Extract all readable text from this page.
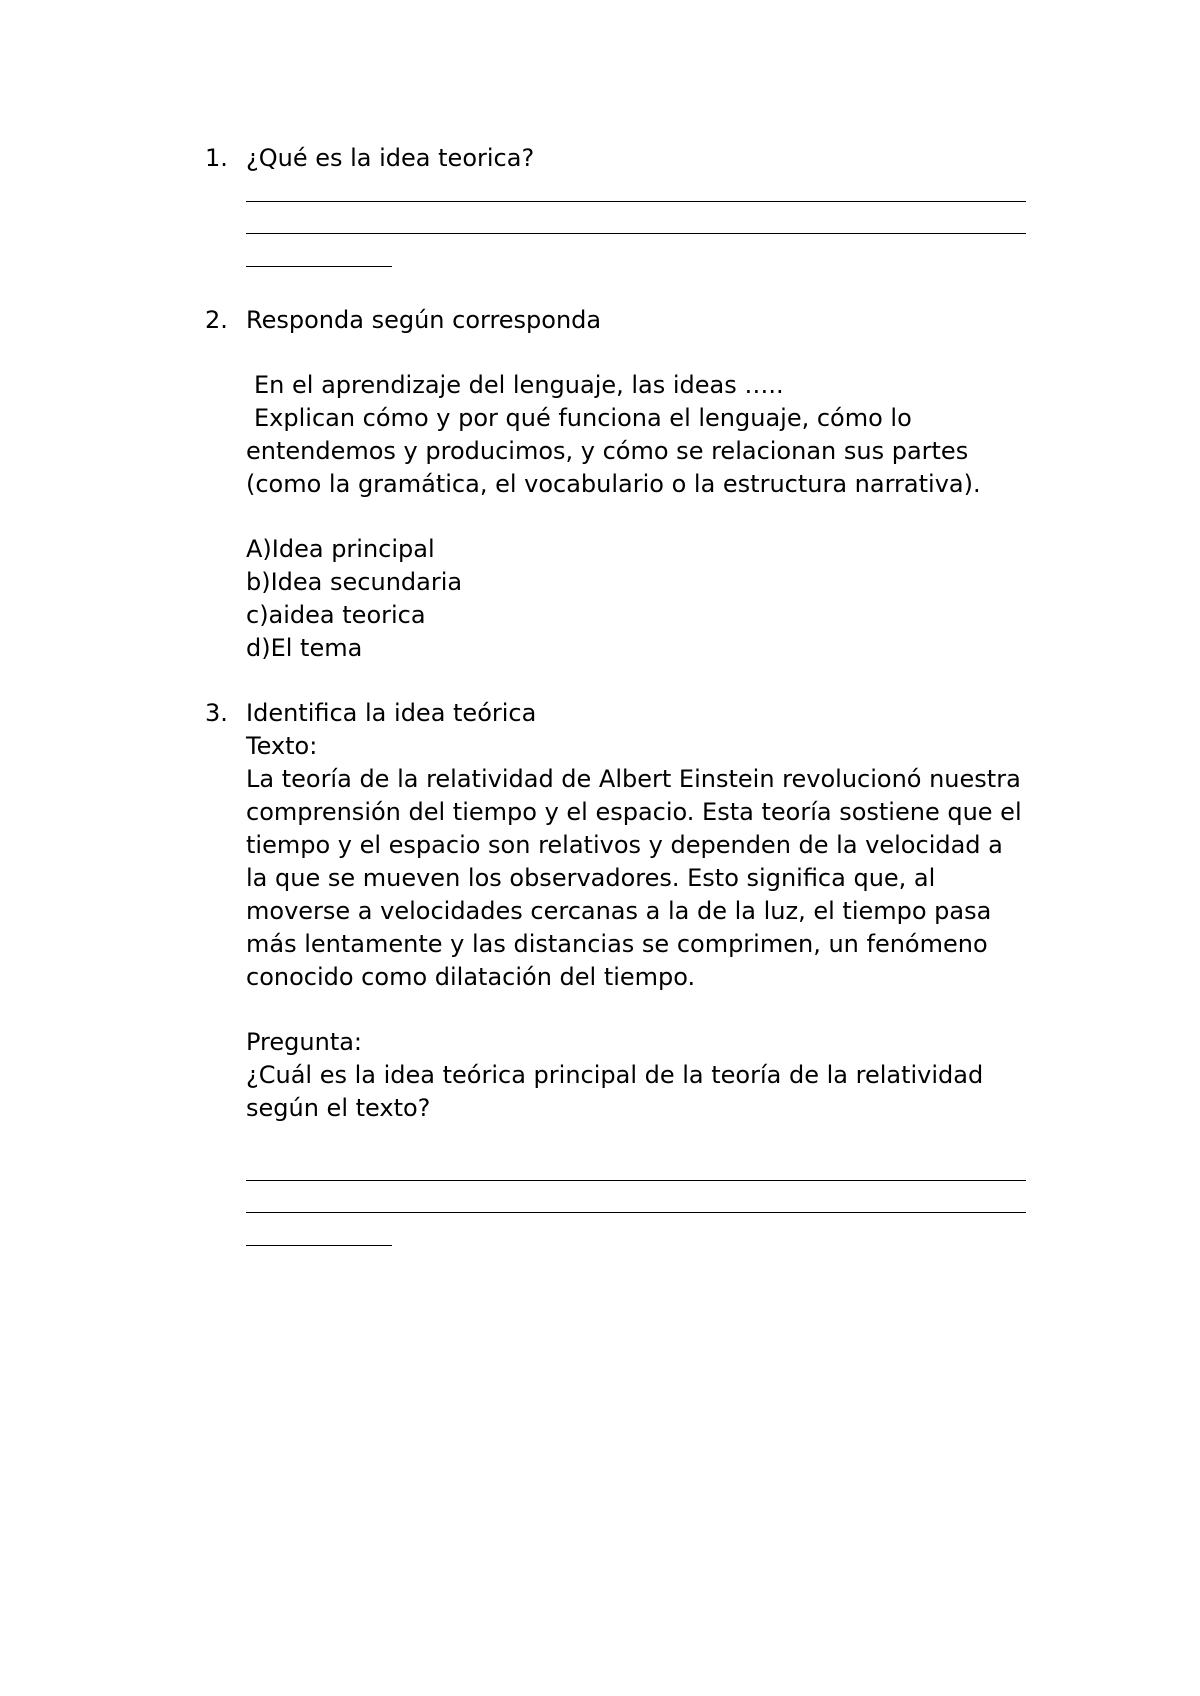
1. ¿Qué es la idea teorica?
2. Responda según corresponda
En el aprendizaje del lenguaje, las ideas …..
Explican cómo y por qué funciona el lenguaje, cómo lo
entendemos y producimos, y cómo se relacionan sus partes
(como la gramática, el vocabulario o la estructura narrativa).
A)Idea principal
b)Idea secundaria
c)aidea teorica
d)El tema
3. Identifica la idea teórica
Texto:
La teoría de la relatividad de Albert Einstein revolucionó nuestra
comprensión del tiempo y el espacio. Esta teoría sostiene que el
tiempo y el espacio son relativos y dependen de la velocidad a
la que se mueven los observadores. Esto significa que, al
moverse a velocidades cercanas a la de la luz, el tiempo pasa
más lentamente y las distancias se comprimen, un fenómeno
conocido como dilatación del tiempo.
Pregunta:
¿Cuál es la idea teórica principal de la teoría de la relatividad
según el texto?
